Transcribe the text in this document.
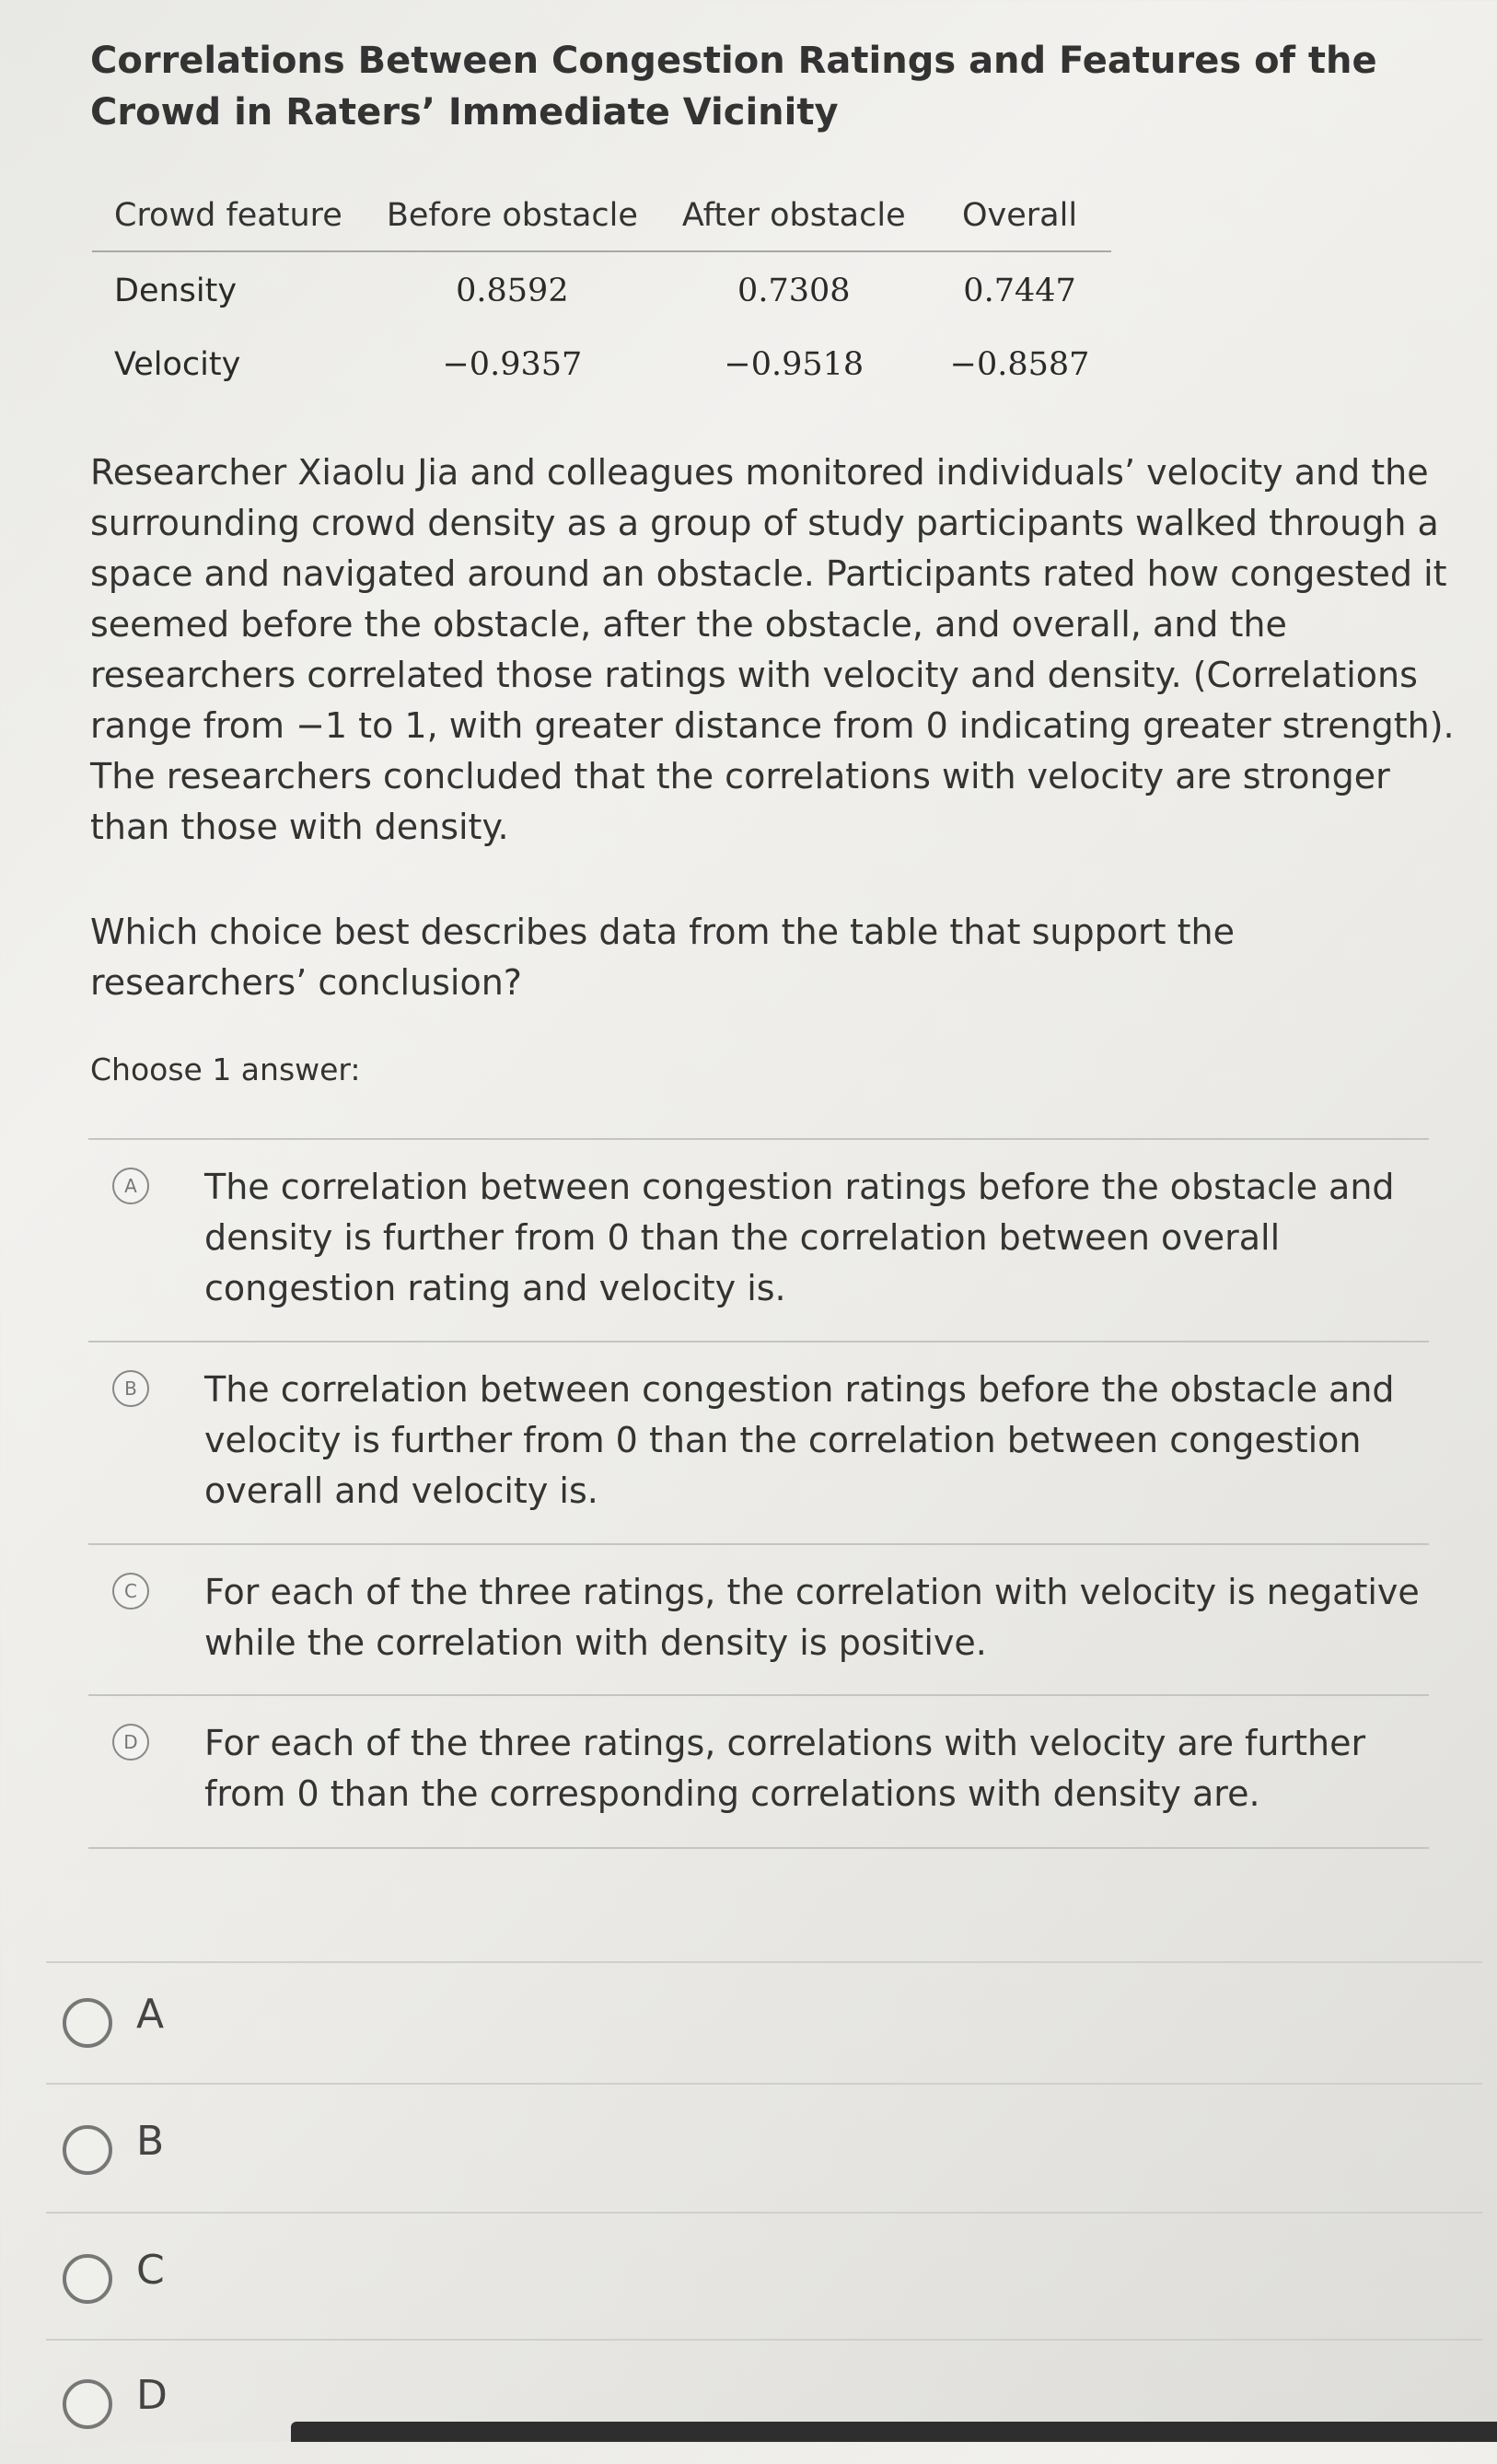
Correlations Between Congestion Ratings and Features of the Crowd in Raters’ Immediate Vicinity
Crowd feature	Before obstacle	After obstacle	Overall
Density	0.8592	0.7308	0.7447
Velocity	−0.9357	−0.9518	−0.8587
Researcher Xiaolu Jia and colleagues monitored individuals’ velocity and the surrounding crowd density as a group of study participants walked through a space and navigated around an obstacle. Participants rated how congested it seemed before the obstacle, after the obstacle, and overall, and the researchers correlated those ratings with velocity and density. (Correlations range from −1 to 1, with greater distance from 0 indicating greater strength). The researchers concluded that the correlations with velocity are stronger than those with density.
Which choice best describes data from the table that support the researchers’ conclusion?
Choose 1 answer:
A	The correlation between congestion ratings before the obstacle and density is further from 0 than the correlation between overall congestion rating and velocity is.
B	The correlation between congestion ratings before the obstacle and velocity is further from 0 than the correlation between congestion overall and velocity is.
C	For each of the three ratings, the correlation with velocity is negative while the correlation with density is positive.
D	For each of the three ratings, correlations with velocity are further from 0 than the corresponding correlations with density are.
A
B
C
D
